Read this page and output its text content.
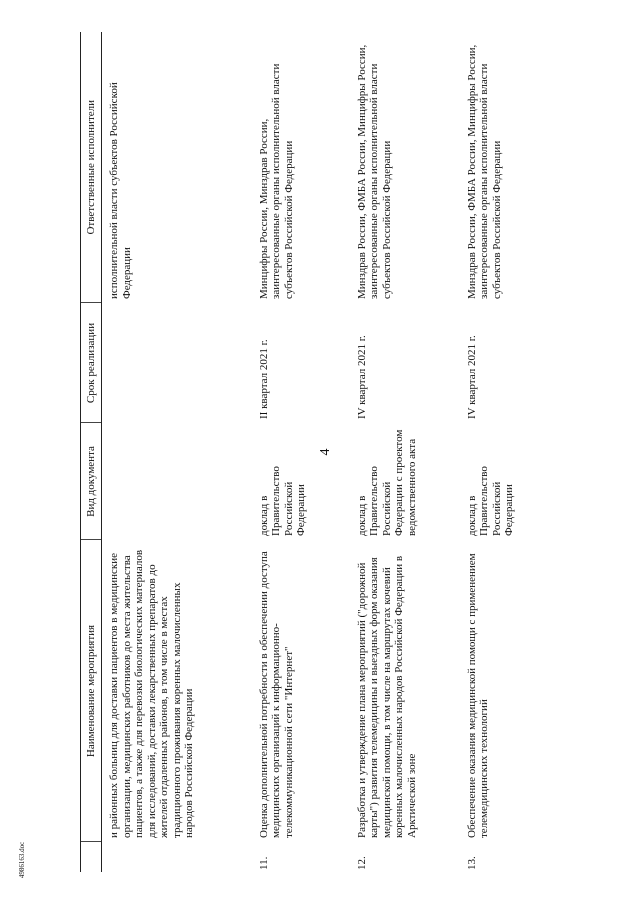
4
4986163.doc
	Наименование мероприятия	Вид документа	Срок реализации	Ответственные исполнители
	и районных больниц для доставки пациентов в медицинские организации, медицинских работников до места жительства пациентов, а также для перевозки биологических материалов для исследований, доставки лекарственных препаратов до жителей отдаленных районов, в том числе в местах традиционного проживания коренных малочисленных народов Российской Федерации			исполнительной власти субъектов Российской Федерации
11.	Оценка дополнительной потребности в обеспечении доступа медицинских организаций к информационно-телекоммуникационной сети "Интернет"	доклад в Правительство Российской Федерации	II квартал 2021 г.	Минцифры России, Минздрав России, заинтересованные органы исполнительной власти субъектов Российской Федерации
12.	Разработка и утверждение плана мероприятий ("дорожной карты") развития телемедицины и выездных форм оказания медицинской помощи, в том числе на маршрутах кочевий коренных малочисленных народов Российской Федерации в Арктической зоне	доклад в Правительство Российской Федерации с проектом ведомственного акта	IV квартал 2021 г.	Минздрав России, ФМБА России, Минцифры России, заинтересованные органы исполнительной власти субъектов Российской Федерации
13.	Обеспечение оказания медицинской помощи с применением телемедицинских технологий	доклад в Правительство Российской Федерации	IV квартал 2021 г.	Минздрав России, ФМБА России, Минцифры России, заинтересованные органы исполнительной власти субъектов Российской Федерации
